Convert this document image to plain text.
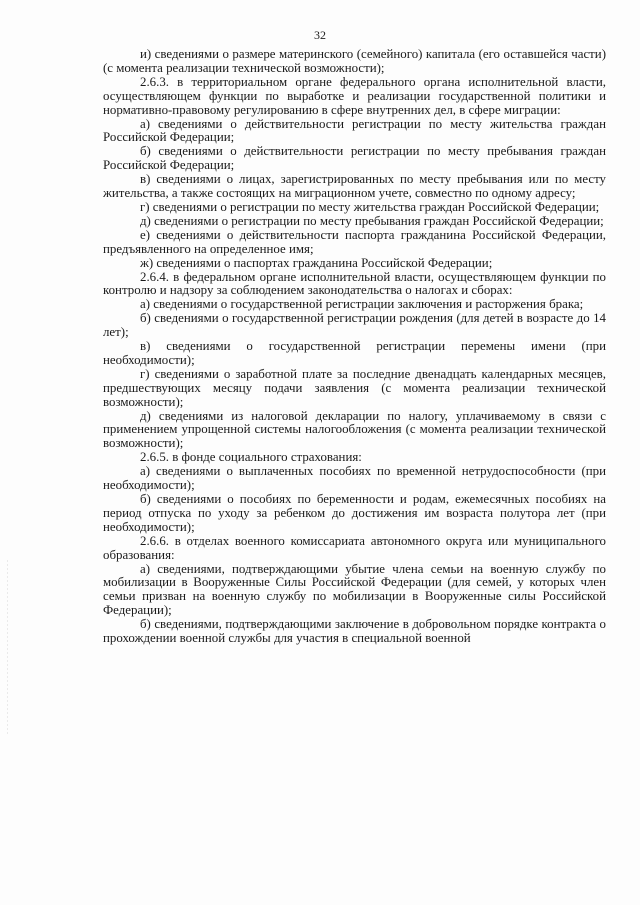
32

и) сведениями о размере материнского (семейного) капитала (его оставшейся части) (с момента реализации технической возможности);

2.6.3. в территориальном органе федерального органа исполнительной власти, осуществляющем функции по выработке и реализации государственной политики и нормативно-правовому регулированию в сфере внутренних дел, в сфере миграции:

а) сведениями о действительности регистрации по месту жительства граждан Российской Федерации;

б) сведениями о действительности регистрации по месту пребывания граждан Российской Федерации;

в) сведениями о лицах, зарегистрированных по месту пребывания или по месту жительства, а также состоящих на миграционном учете, совместно по одному адресу;

г) сведениями о регистрации по месту жительства граждан Российской Федерации;

д) сведениями о регистрации по месту пребывания граждан Российской Федерации;

е) сведениями о действительности паспорта гражданина Российской Федерации, предъявленного на определенное имя;

ж) сведениями о паспортах гражданина Российской Федерации;

2.6.4. в федеральном органе исполнительной власти, осуществляющем функции по контролю и надзору за соблюдением законодательства о налогах и сборах:

а) сведениями о государственной регистрации заключения и расторжения брака;

б) сведениями о государственной регистрации рождения (для детей в возрасте до 14 лет);

в) сведениями о государственной регистрации перемены имени (при необходимости);

г) сведениями о заработной плате за последние двенадцать календарных месяцев, предшествующих месяцу подачи заявления (с момента реализации технической возможности);

д) сведениями из налоговой декларации по налогу, уплачиваемому в связи с применением упрощенной системы налогообложения (с момента реализации технической возможности);

2.6.5. в фонде социального страхования:

а) сведениями о выплаченных пособиях по временной нетрудоспособности (при необходимости);

б) сведениями о пособиях по беременности и родам, ежемесячных пособиях на период отпуска по уходу за ребенком до достижения им возраста полутора лет (при необходимости);

2.6.6. в отделах военного комиссариата автономного округа или муниципального образования:

а) сведениями, подтверждающими убытие члена семьи на военную службу по мобилизации в Вооруженные Силы Российской Федерации (для семей, у которых член семьи призван на военную службу по мобилизации в Вооруженные силы Российской Федерации);

б) сведениями, подтверждающими заключение в добровольном порядке контракта о прохождении военной службы для участия в специальной военной
